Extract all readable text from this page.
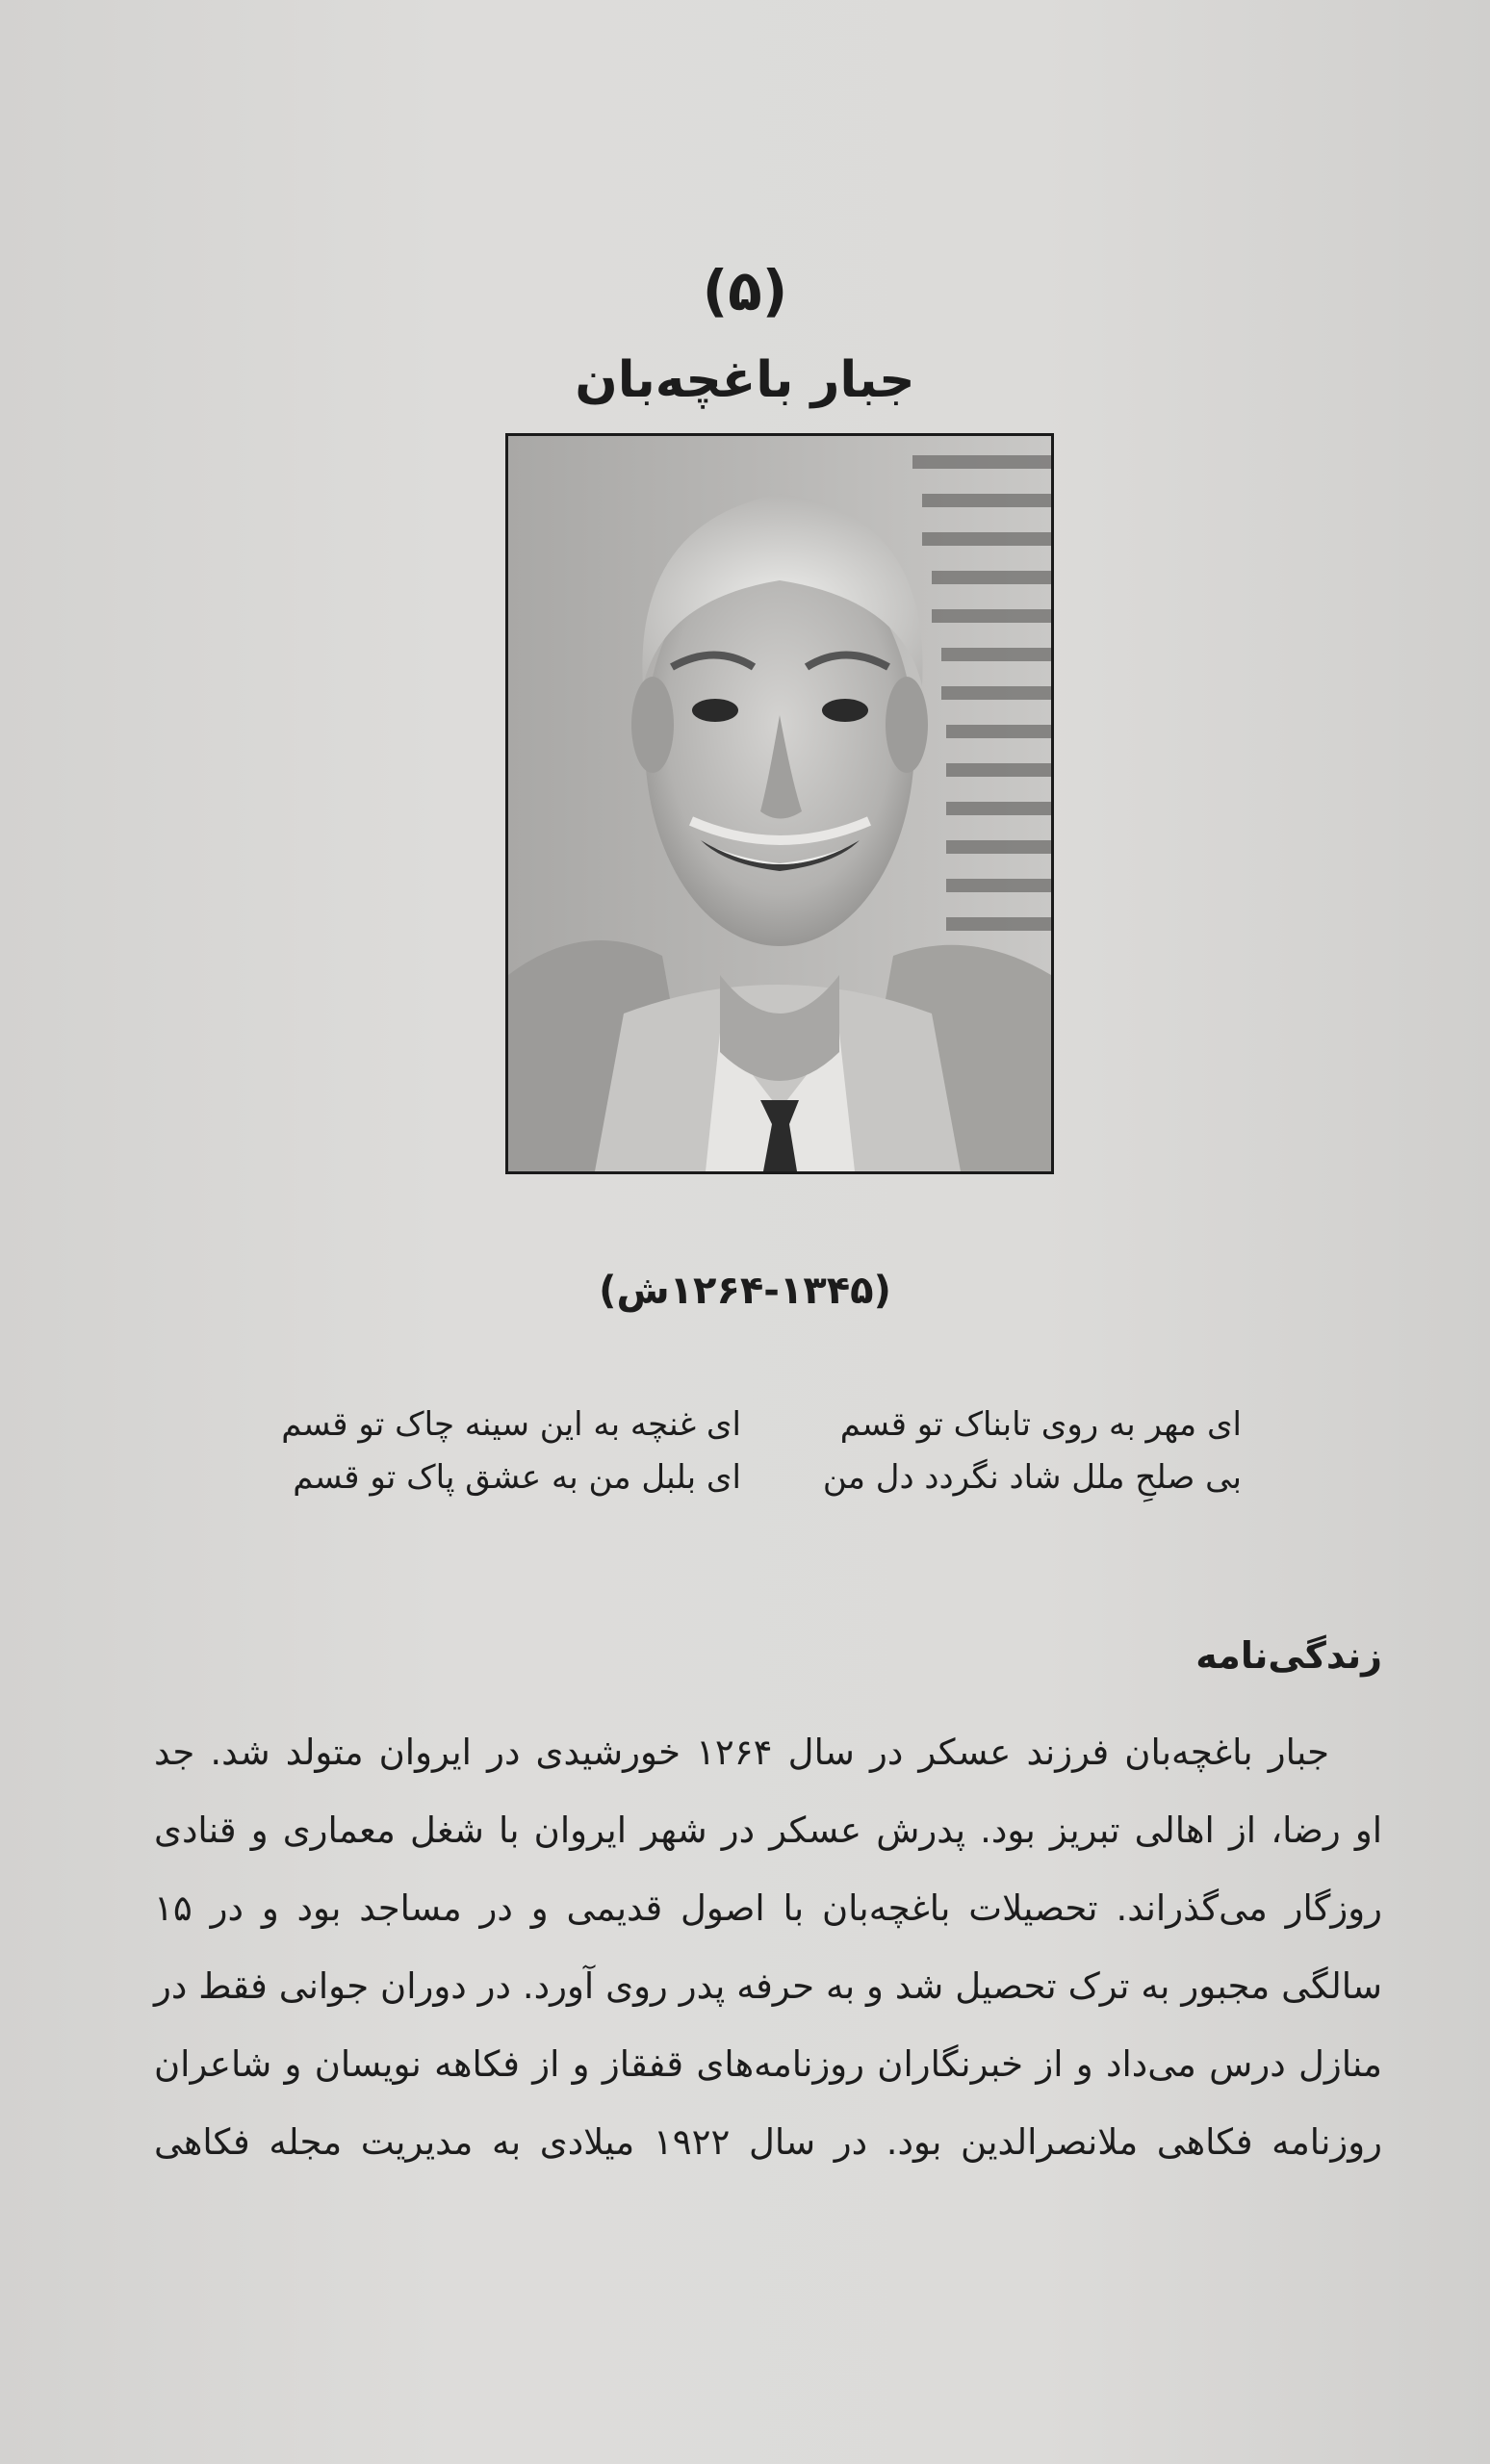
(۵)
جبار باغچه‌بان
(۱۲۶۴-۱۳۴۵ش)
ای مهر به روی تابناک تو قسم
ای غنچه به این سینه چاک تو قسم
بی صلحِ ملل شاد نگردد دل من
ای بلبل من به عشق پاک تو قسم
زندگی‌نامه
جبار باغچه‌بان فرزند عسکر در سال ۱۲۶۴ خورشیدی در ایروان متولد شد. جد
او رضا، از اهالی تبریز بود. پدرش عسکر در شهر ایروان با شغل معماری و قنادی
روزگار می‌گذراند. تحصیلات باغچه‌بان با اصول قدیمی و در مساجد بود و در ۱۵
سالگی مجبور به ترک تحصیل شد و به حرفه پدر روی آورد. در دوران جوانی فقط در
منازل درس می‌داد و از خبرنگاران روزنامه‌های قفقاز و از فکاهه نویسان و شاعران
روزنامه فکاهی ملانصرالدین بود. در سال ۱۹۲۲ میلادی به مدیریت مجله فکاهی
